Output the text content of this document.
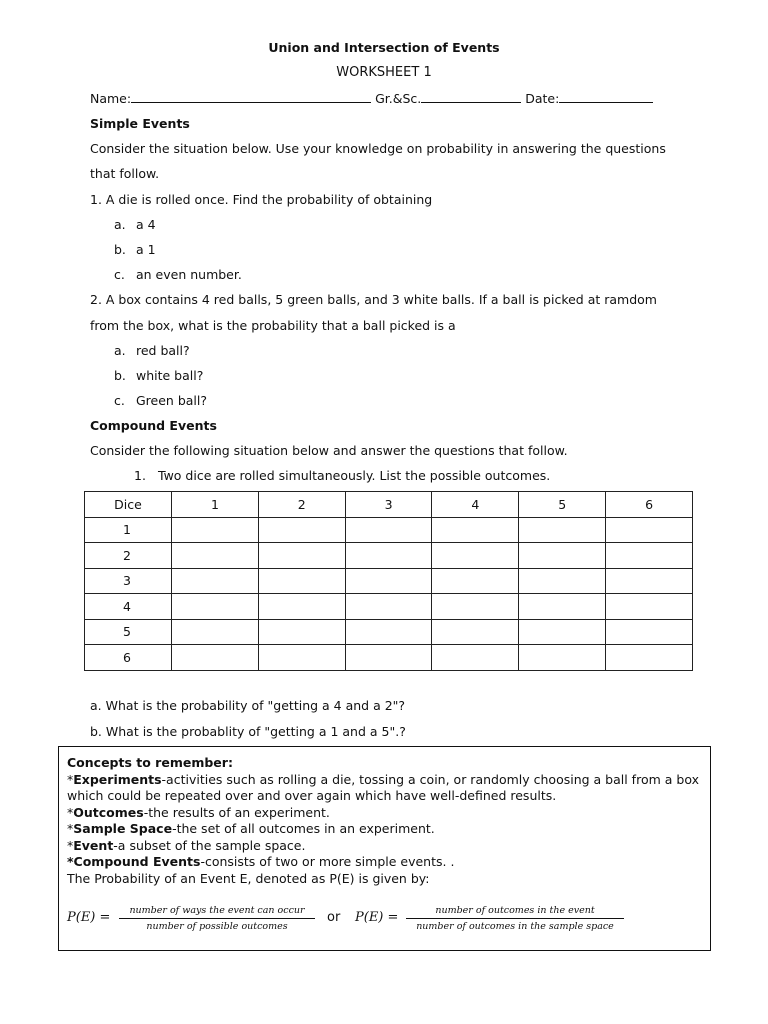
Union and Intersection of Events
WORKSHEET 1
Name:	Gr.&Sc.	Date:
Simple Events
Consider the situation below. Use your knowledge on probability in answering the questions
that follow.
1. A die is rolled once. Find the probability of obtaining
a. a 4
b. a 1
c. an even number.
2. A box contains 4 red balls, 5 green balls, and 3 white balls. If a ball is picked at ramdom
from the box, what is the probability that a ball picked is a
a. red ball?
b. white ball?
c. Green ball?
Compound Events
Consider the following situation below and answer the questions that follow.
1. Two dice are rolled simultaneously. List the possible outcomes.
Dice	1	2	3	4	5	6
1						
2						
3						
4						
5						
6						
a. What is the probability of "getting a 4 and a 2"?
b. What is the probablity of "getting a 1 and a 5".?
Concepts to remember:
*Experiments-activities such as rolling a die, tossing a coin, or randomly choosing a ball from a box
which could be repeated over and over again which have well-defined results.
*Outcomes-the results of an experiment.
*Sample Space-the set of all outcomes in an experiment.
*Event-a subset of the sample space.
*Compound Events-consists of two or more simple events. .
The Probability of an Event E, denoted as P(E) is given by:
P(E) =	number of ways the event can occur
number of possible outcomes
or P(E) =	number of outcomes in the event
number of outcomes in the sample space
